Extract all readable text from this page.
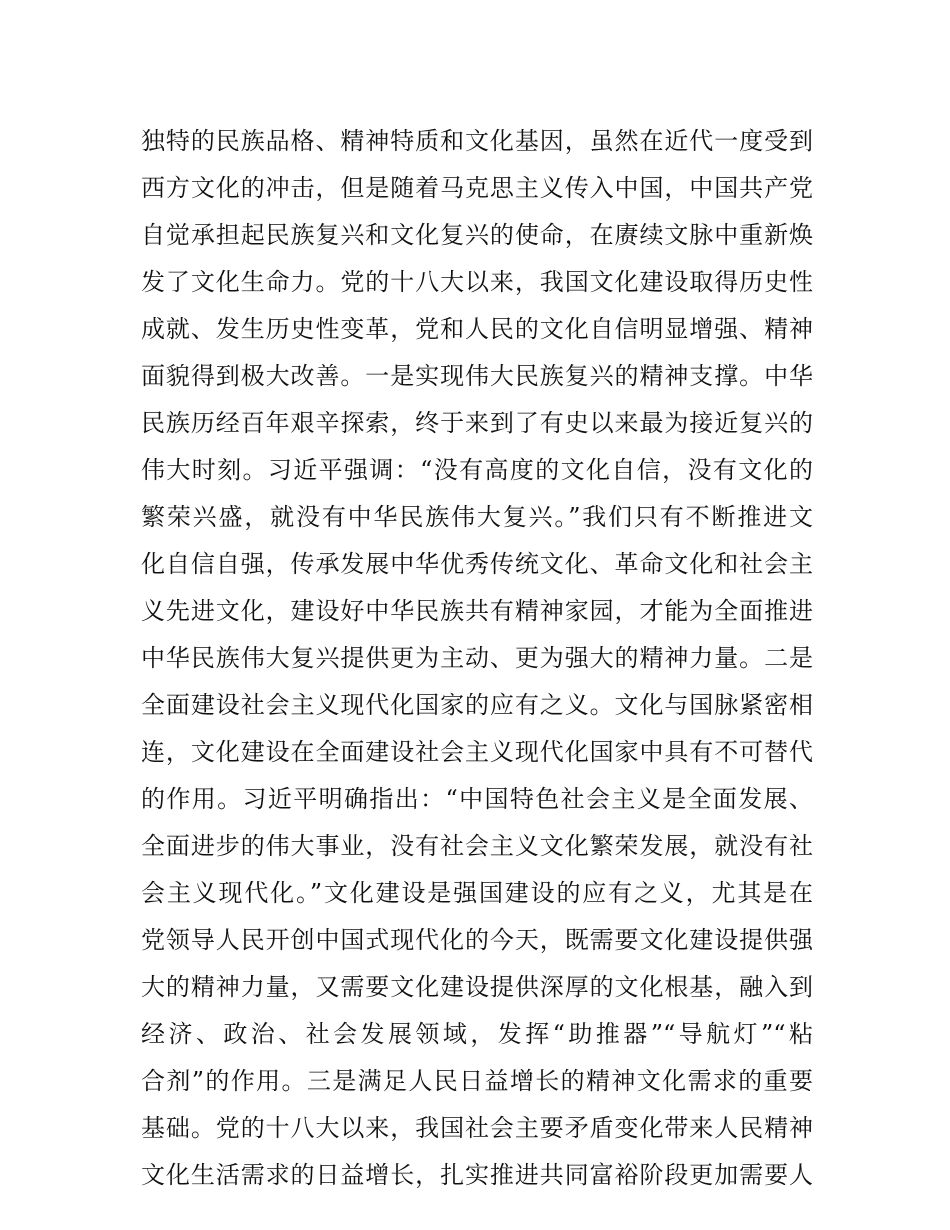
独特的民族品格、精神特质和文化基因，虽然在近代一度受到
西方文化的冲击，但是随着马克思主义传入中国，中国共产党
自觉承担起民族复兴和文化复兴的使命，在赓续文脉中重新焕
发了文化生命力。党的十八大以来，我国文化建设取得历史性
成就、发生历史性变革，党和人民的文化自信明显增强、精神
面貌得到极大改善。一是实现伟大民族复兴的精神支撑。中华
民族历经百年艰辛探索，终于来到了有史以来最为接近复兴的
伟大时刻。习近平强调：“没有高度的文化自信，没有文化的
繁荣兴盛，就没有中华民族伟大复兴。”我们只有不断推进文
化自信自强，传承发展中华优秀传统文化、革命文化和社会主
义先进文化，建设好中华民族共有精神家园，才能为全面推进
中华民族伟大复兴提供更为主动、更为强大的精神力量。二是
全面建设社会主义现代化国家的应有之义。文化与国脉紧密相
连，文化建设在全面建设社会主义现代化国家中具有不可替代
的作用。习近平明确指出：“中国特色社会主义是全面发展、
全面进步的伟大事业，没有社会主义文化繁荣发展，就没有社
会主义现代化。”文化建设是强国建设的应有之义，尤其是在
党领导人民开创中国式现代化的今天，既需要文化建设提供强
大的精神力量，又需要文化建设提供深厚的文化根基，融入到
经济、政治、社会发展领域，发挥“助推器”“导航灯”“粘
合剂”的作用。三是满足人民日益增长的精神文化需求的重要
基础。党的十八大以来，我国社会主要矛盾变化带来人民精神
文化生活需求的日益增长，扎实推进共同富裕阶段更加需要人
